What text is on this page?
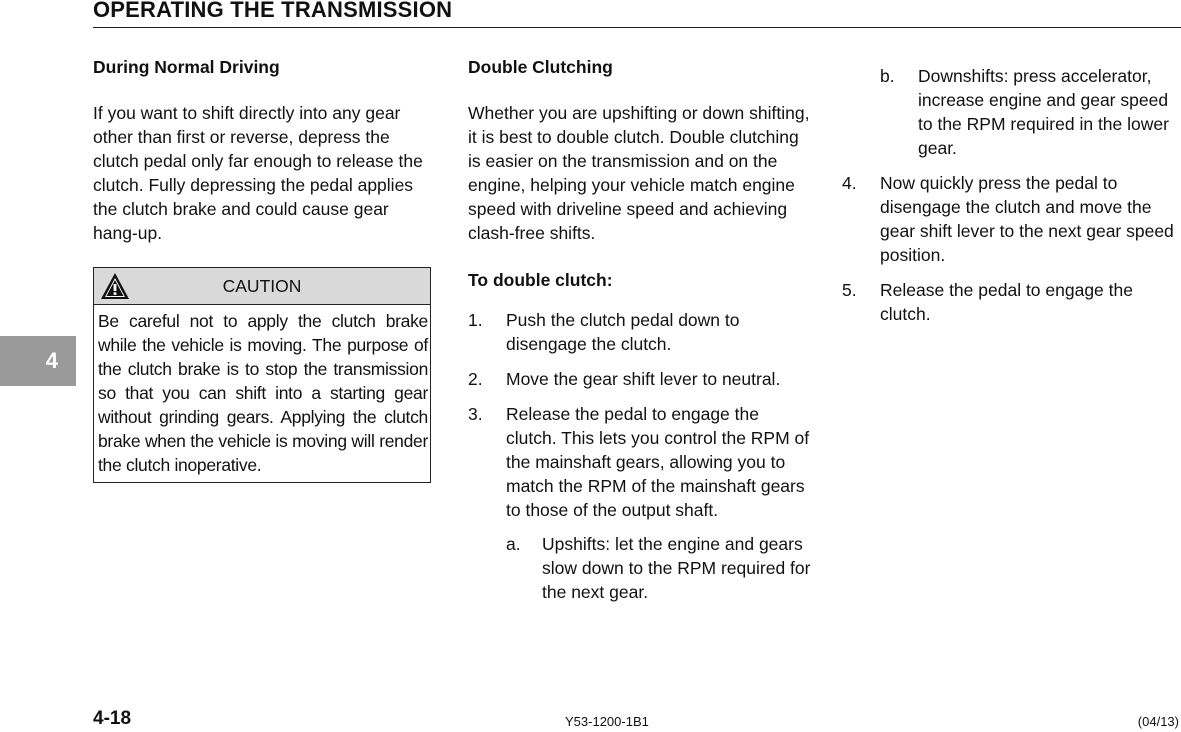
OPERATING THE TRANSMISSION
4
During Normal Driving

If you want to shift directly into any gear other than first or reverse, depress the clutch pedal only far enough to release the clutch. Fully depressing the pedal applies the clutch brake and could cause gear hang-up.

CAUTION
Be careful not to apply the clutch brake while the vehicle is moving. The purpose of the clutch brake is to stop the transmission so that you can shift into a starting gear without grinding gears. Applying the clutch brake when the vehicle is moving will render the clutch inoperative.
Double Clutching

Whether you are upshifting or down shifting, it is best to double clutch. Double clutching is easier on the transmission and on the engine, helping your vehicle match engine speed with driveline speed and achieving clash-free shifts.

To double clutch:
1.	Push the clutch pedal down to disengage the clutch.
2.	Move the gear shift lever to neutral.
3.	Release the pedal to engage the clutch. This lets you control the RPM of the mainshaft gears, allowing you to match the RPM of the mainshaft gears to those of the output shaft.
a.	Upshifts: let the engine and gears slow down to the RPM required for the next gear.
b.	Downshifts: press accelerator, increase engine and gear speed to the RPM required in the lower gear.
4.	Now quickly press the pedal to disengage the clutch and move the gear shift lever to the next gear speed position.
5.	Release the pedal to engage the clutch.
4-18	Y53-1200-1B1	(04/13)
